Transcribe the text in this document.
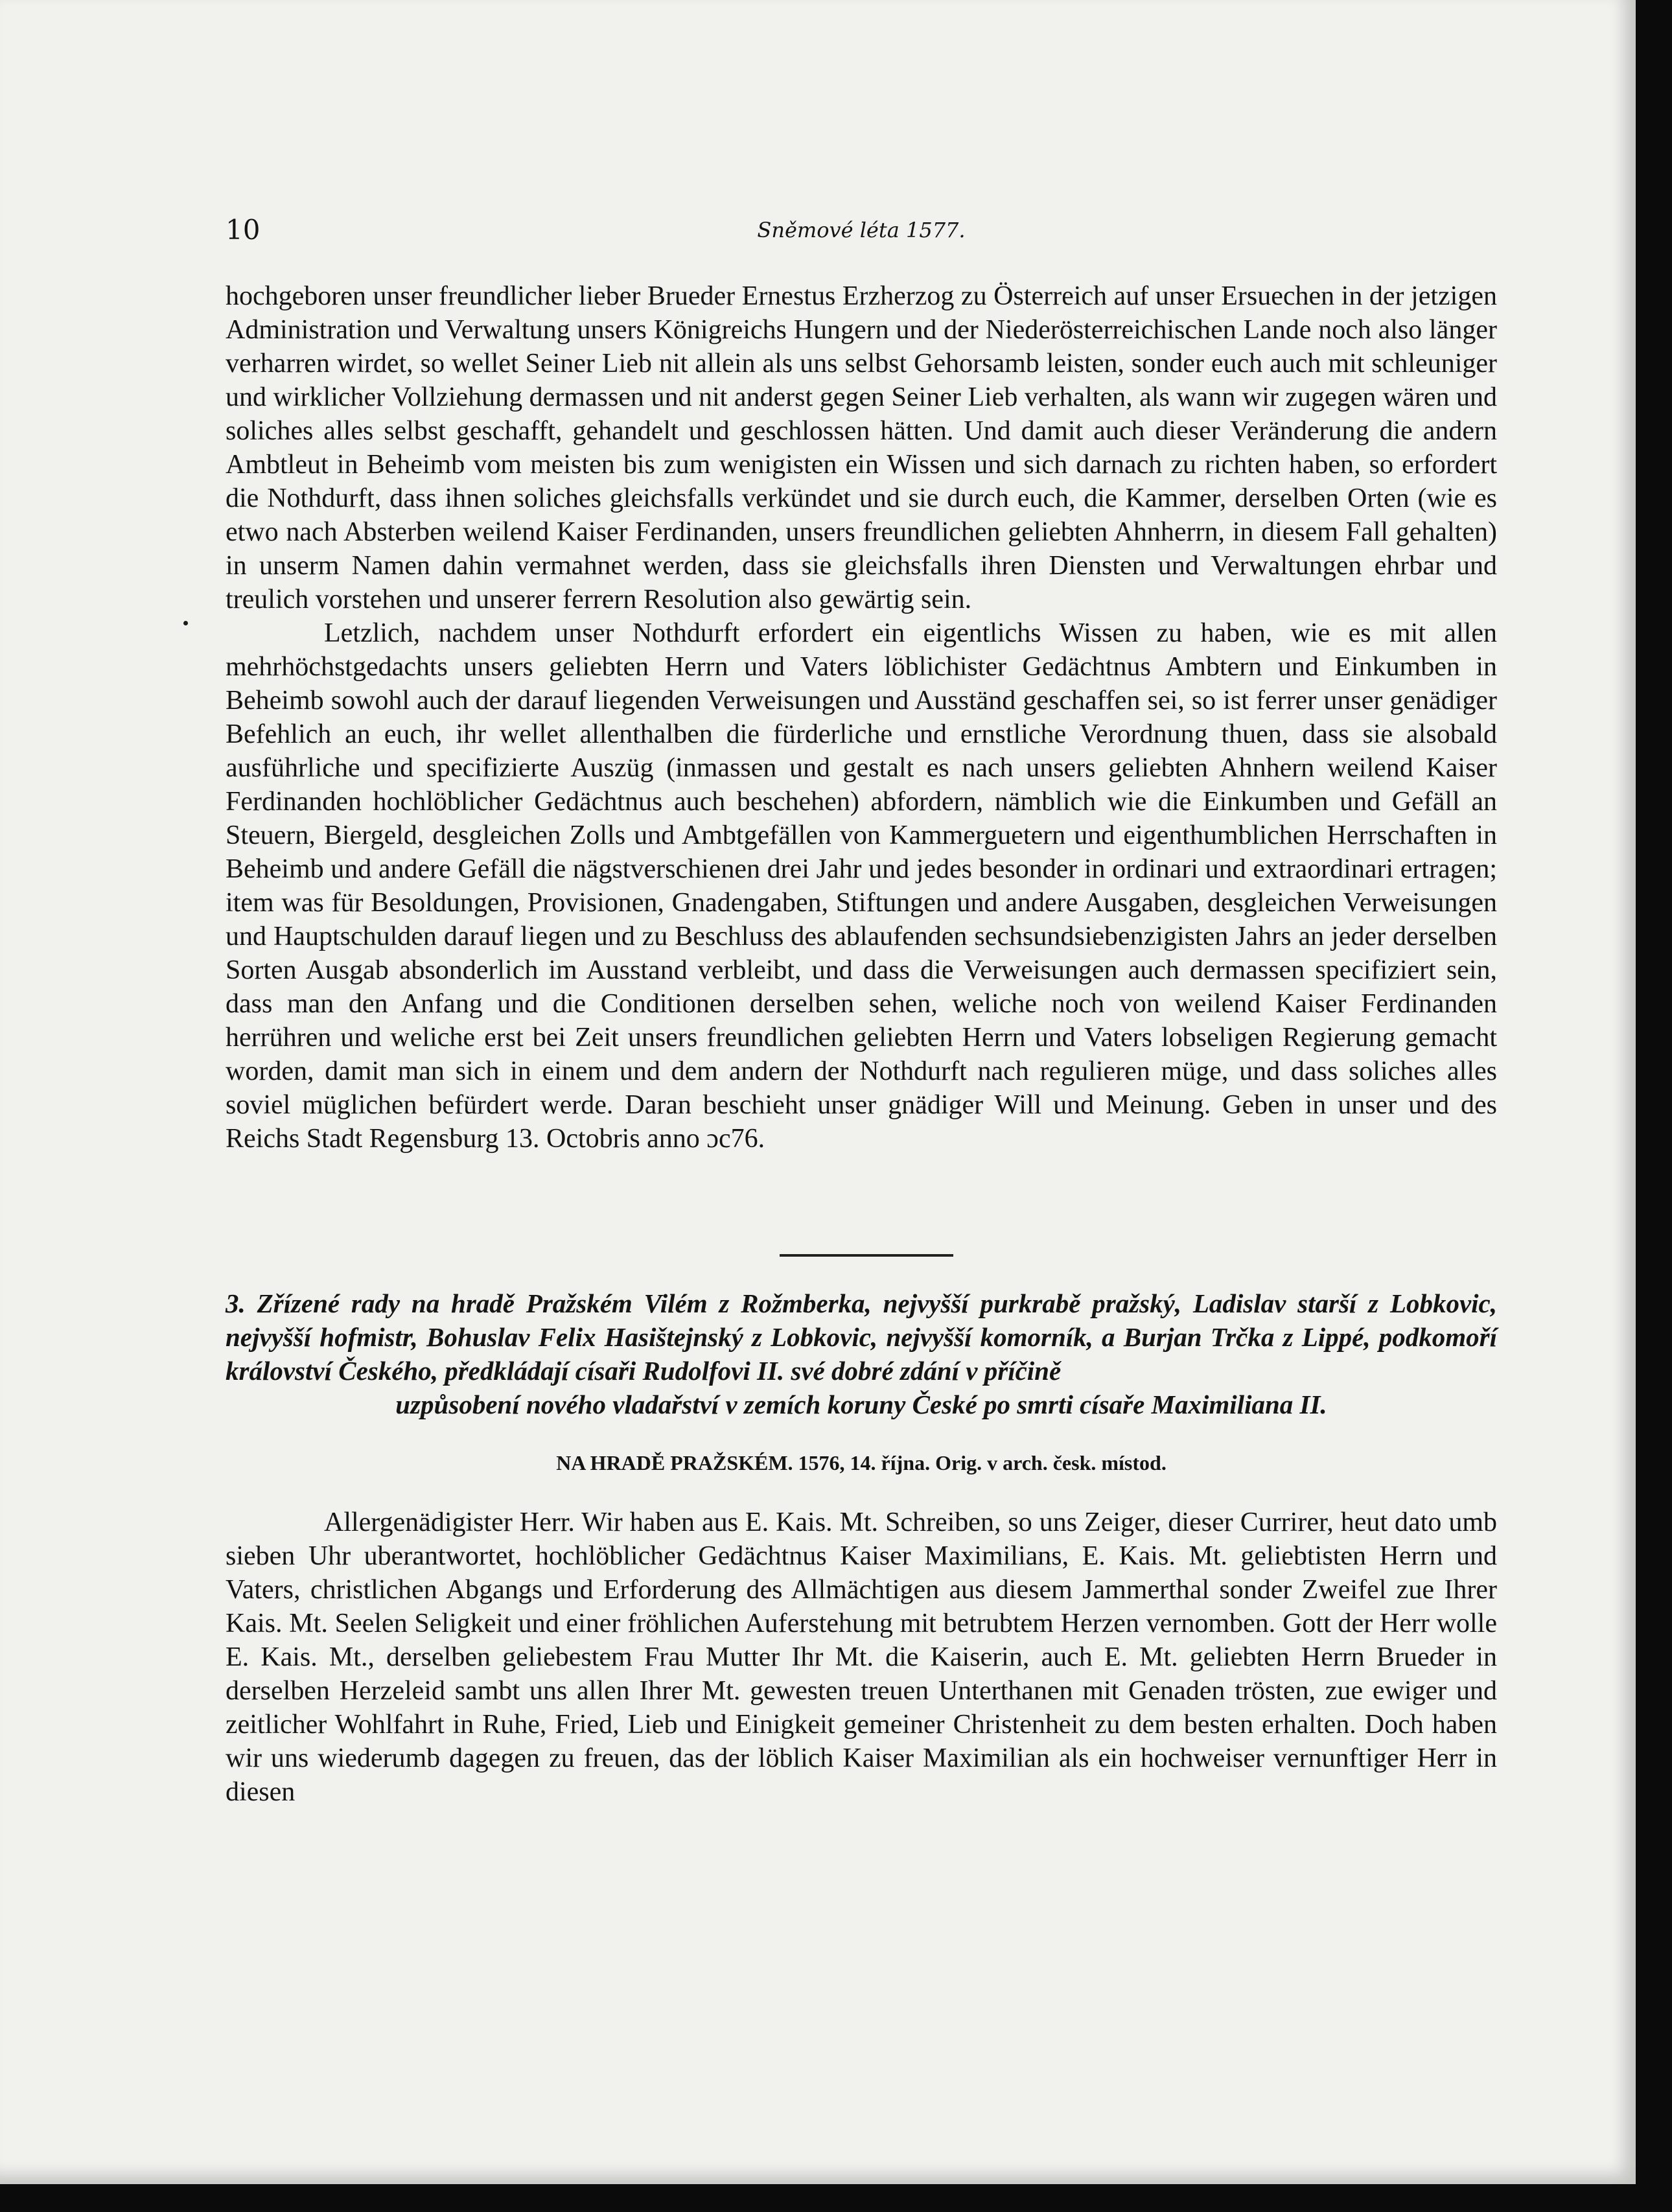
10	Sněmové léta 1577.

hochgeboren unser freundlicher lieber Brueder Ernestus Erzherzog zu Österreich auf unser Ersuechen in der jetzigen Administration und Verwaltung unsers Königreichs Hungern und der Niederösterreichischen Lande noch also länger verharren wirdet, so wellet Seiner Lieb nit allein als uns selbst Gehorsamb leisten, sonder euch auch mit schleuniger und wirklicher Vollziehung dermassen und nit anderst gegen Seiner Lieb verhalten, als wann wir zugegen wären und soliches alles selbst geschafft, gehandelt und geschlossen hätten. Und damit auch dieser Veränderung die andern Ambtleut in Beheimb vom meisten bis zum wenigisten ein Wissen und sich darnach zu richten haben, so erfordert die Nothdurft, dass ihnen soliches gleichsfalls verkündet und sie durch euch, die Kammer, derselben Orten (wie es etwo nach Absterben weilend Kaiser Ferdinanden, unsers freundlichen geliebten Ahnherrn, in diesem Fall gehalten) in unserm Namen dahin vermahnet werden, dass sie gleichsfalls ihren Diensten und Verwaltungen ehrbar und treulich vorstehen und unserer ferrern Resolution also gewärtig sein.

Letzlich, nachdem unser Nothdurft erfordert ein eigentlichs Wissen zu haben, wie es mit allen mehrhöchstgedachts unsers geliebten Herrn und Vaters löblichister Gedächtnus Ambtern und Einkumben in Beheimb sowohl auch der darauf liegenden Verweisungen und Ausständ geschaffen sei, so ist ferrer unser genädiger Befehlich an euch, ihr wellet allenthalben die fürderliche und ernstliche Verordnung thuen, dass sie alsobald ausführliche und specifizierte Auszüg (inmassen und gestalt es nach unsers geliebten Ahnhern weilend Kaiser Ferdinanden hochlöblicher Gedächtnus auch beschehen) abfordern, nämblich wie die Einkumben und Gefäll an Steuern, Biergeld, desgleichen Zolls und Ambtgefällen von Kammerguetern und eigenthumblichen Herrschaften in Beheimb und andere Gefäll die nägstverschienen drei Jahr und jedes besonder in ordinari und extraordinari ertragen; item was für Besoldungen, Provisionen, Gnadengaben, Stiftungen und andere Ausgaben, desgleichen Verweisungen und Hauptschulden darauf liegen und zu Beschluss des ablaufenden sechsundsiebenzigisten Jahrs an jeder derselben Sorten Ausgab absonderlich im Ausstand verbleibt, und dass die Verweisungen auch dermassen specifiziert sein, dass man den Anfang und die Conditionen derselben sehen, weliche noch von weilend Kaiser Ferdinanden herrühren und weliche erst bei Zeit unsers freundlichen geliebten Herrn und Vaters lobseligen Regierung gemacht worden, damit man sich in einem und dem andern der Nothdurft nach regulieren müge, und dass soliches alles soviel müglichen befürdert werde. Daran beschieht unser gnädiger Will und Meinung. Geben in unser und des Reichs Stadt Regensburg 13. Octobris anno ɔc76.

3. Zřízené rady na hradě Pražském Vilém z Rožmberka, nejvyšší purkrabě pražský, Ladislav starší z Lobkovic, nejvyšší hofmistr, Bohuslav Felix Hasištejnský z Lobkovic, nejvyšší komorník, a Burjan Trčka z Lippé, podkomoří království Českého, předkládají císaři Rudolfovi II. své dobré zdání v příčině
uzpůsobení nového vladařství v zemích koruny České po smrti císaře Maximiliana II.
NA HRADĚ PRAŽSKÉM. 1576, 14. října. Orig. v arch. česk. místod.

Allergenädigister Herr. Wir haben aus E. Kais. Mt. Schreiben, so uns Zeiger, dieser Currirer, heut dato umb sieben Uhr uberantwortet, hochlöblicher Gedächtnus Kaiser Maximilians, E. Kais. Mt. geliebtisten Herrn und Vaters, christlichen Abgangs und Erforderung des Allmächtigen aus diesem Jammerthal sonder Zweifel zue Ihrer Kais. Mt. Seelen Seligkeit und einer fröhlichen Auferstehung mit betrubtem Herzen vernomben. Gott der Herr wolle E. Kais. Mt., derselben geliebestem Frau Mutter Ihr Mt. die Kaiserin, auch E. Mt. geliebten Herrn Brueder in derselben Herzeleid sambt uns allen Ihrer Mt. gewesten treuen Unterthanen mit Genaden trösten, zue ewiger und zeitlicher Wohlfahrt in Ruhe, Fried, Lieb und Einigkeit gemeiner Christenheit zu dem besten erhalten. Doch haben wir uns wiederumb dagegen zu freuen, das der löblich Kaiser Maximilian als ein hochweiser vernunftiger Herr in diesen
